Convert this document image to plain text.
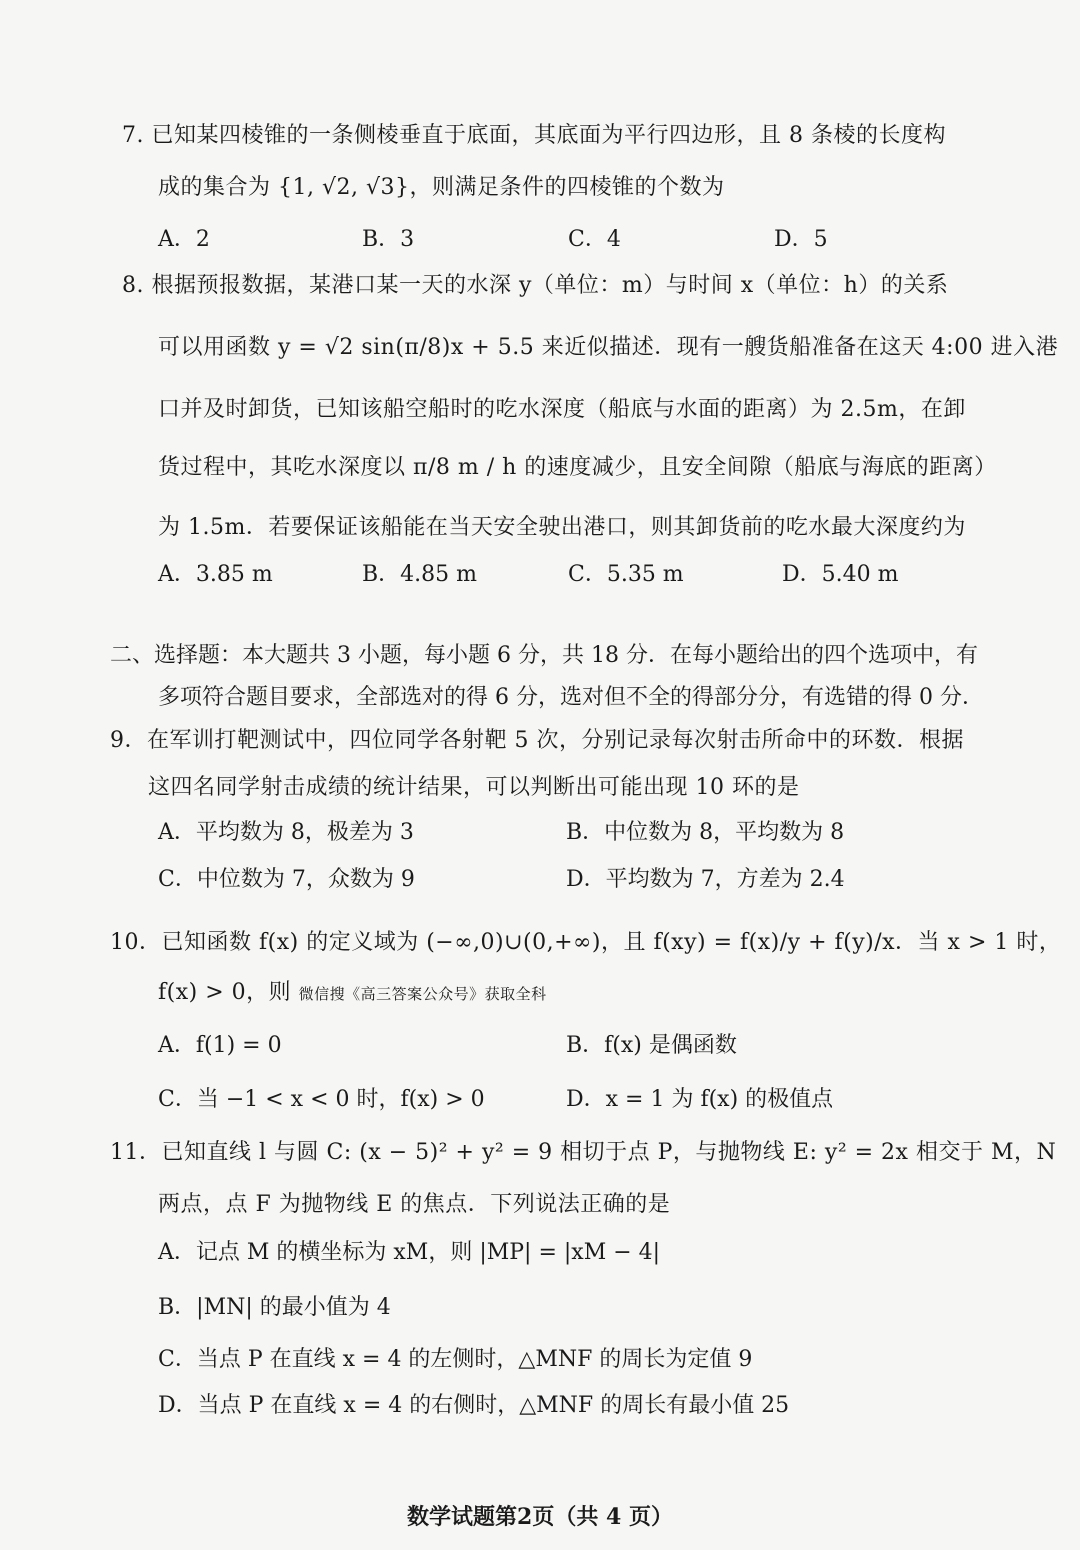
7. 已知某四棱锥的一条侧棱垂直于底面，其底面为平行四边形，且 8 条棱的长度构
成的集合为 {1, √2, √3}，则满足条件的四棱锥的个数为
A．2	B．3	C．4	D．5
8. 根据预报数据，某港口某一天的水深 y（单位：m）与时间 x（单位：h）的关系
可以用函数 y = √2 sin(π/8)x + 5.5 来近似描述．现有一艘货船准备在这天 4:00 进入港
口并及时卸货，已知该船空船时的吃水深度（船底与水面的距离）为 2.5m，在卸
货过程中，其吃水深度以 π/8 m / h 的速度减少，且安全间隙（船底与海底的距离）
为 1.5m．若要保证该船能在当天安全驶出港口，则其卸货前的吃水最大深度约为
A．3.85 m	B．4.85 m	C．5.35 m	D．5.40 m
二、选择题：本大题共 3 小题，每小题 6 分，共 18 分．在每小题给出的四个选项中，有
多项符合题目要求，全部选对的得 6 分，选对但不全的得部分分，有选错的得 0 分．
9．在军训打靶测试中，四位同学各射靶 5 次，分别记录每次射击所命中的环数．根据
这四名同学射击成绩的统计结果，可以判断出可能出现 10 环的是
A．平均数为 8，极差为 3	B．中位数为 8，平均数为 8
C．中位数为 7，众数为 9	D．平均数为 7，方差为 2.4
10．已知函数 f(x) 的定义域为 (−∞,0)∪(0,+∞)，且 f(xy) = f(x)/y + f(y)/x．当 x > 1 时，
f(x) > 0，则 微信搜《高三答案公众号》获取全科
A．f(1) = 0	B．f(x) 是偶函数
C．当 −1 < x < 0 时，f(x) > 0	D．x = 1 为 f(x) 的极值点
11．已知直线 l 与圆 C: (x − 5)² + y² = 9 相切于点 P，与抛物线 E: y² = 2x 相交于 M，N
两点，点 F 为抛物线 E 的焦点．下列说法正确的是
A．记点 M 的横坐标为 xM，则 |MP| = |xM − 4|
B．|MN| 的最小值为 4
C．当点 P 在直线 x = 4 的左侧时，△MNF 的周长为定值 9
D．当点 P 在直线 x = 4 的右侧时，△MNF 的周长有最小值 25
数学试题第2页（共 4 页）
